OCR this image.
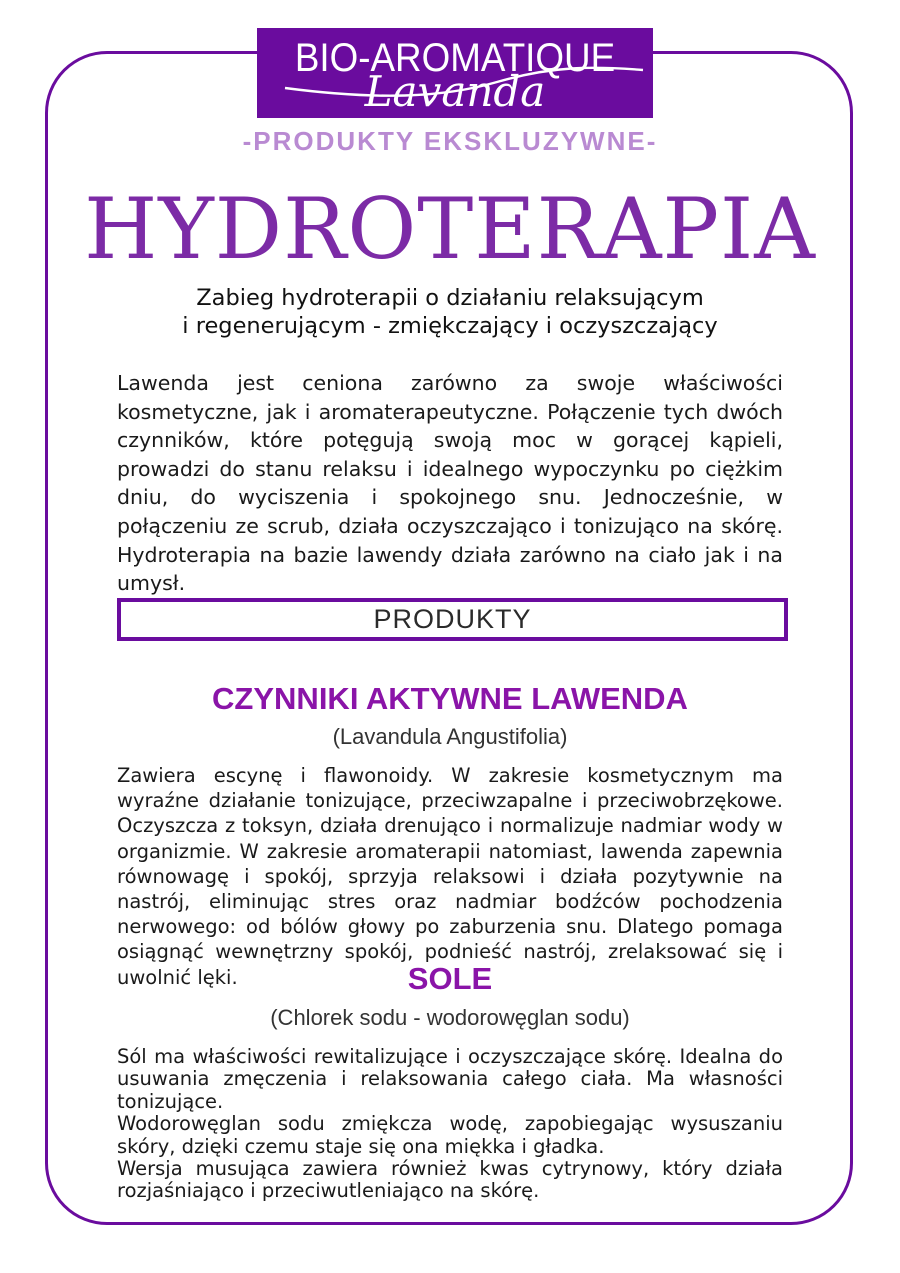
BIO-AROMATIQUE
Lavanda
-PRODUKTY EKSKLUZYWNE-
HYDROTERAPIA
Zabieg hydroterapii o działaniu relaksującym
i regenerującym - zmiękczający i oczyszczający
Lawenda jest ceniona zarówno za swoje właściwości kosmetyczne, jak i aromaterapeutyczne. Połączenie tych dwóch czynników, które potęgują swoją moc w gorącej kąpieli, prowadzi do stanu relaksu i idealnego wypoczynku po ciężkim dniu, do wyciszenia i spokojnego snu. Jednocześnie, w połączeniu ze scrub, działa oczyszczająco i tonizująco na skórę. Hydroterapia na bazie lawendy działa zarówno na ciało jak i na umysł.
PRODUKTY
CZYNNIKI AKTYWNE LAWENDA
(Lavandula Angustifolia)
Zawiera escynę i flawonoidy. W zakresie kosmetycznym ma wyraźne działanie tonizujące, przeciwzapalne i przeciwobrzękowe. Oczyszcza z toksyn, działa drenująco i normalizuje nadmiar wody w organizmie. W zakresie aromaterapii natomiast, lawenda zapewnia równowagę i spokój, sprzyja relaksowi i działa pozytywnie na nastrój, eliminując stres oraz nadmiar bodźców pochodzenia nerwowego: od bólów głowy po zaburzenia snu. Dlatego pomaga osiągnąć wewnętrzny spokój, podnieść nastrój, zrelaksować się i uwolnić lęki.	SOLE
(Chlorek sodu - wodorowęglan sodu)
Sól ma właściwości rewitalizujące i oczyszczające skórę. Idealna do usuwania zmęczenia i relaksowania całego ciała. Ma własności tonizujące.
Wodorowęglan sodu zmiękcza wodę, zapobiegając wysuszaniu skóry, dzięki czemu staje się ona miękka i gładka.
Wersja musująca zawiera również kwas cytrynowy, który działa rozjaśniająco i przeciwutleniająco na skórę.
